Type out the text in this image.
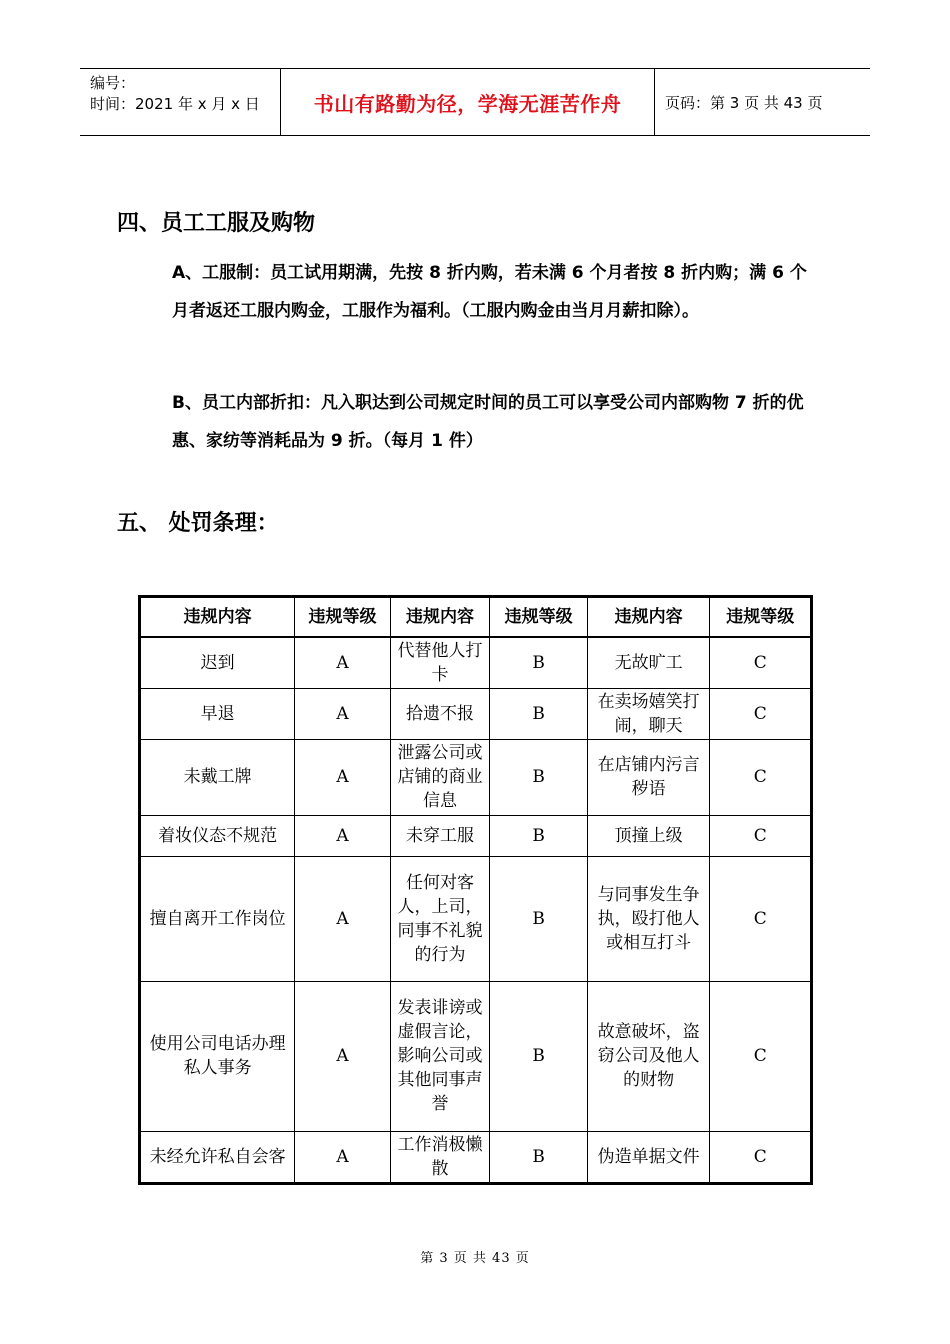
编号：
时间：2021 年 x 月 x 日	书山有路勤为径，学海无涯苦作舟	页码：第 3 页 共 43 页
四、员工工服及购物
A、工服制：员工试用期满，先按 8 折内购，若未满 6 个月者按 8 折内购；满 6 个月者返还工服内购金，工服作为福利。（工服内购金由当月月薪扣除）。
B、员工内部折扣：凡入职达到公司规定时间的员工可以享受公司内部购物 7 折的优惠、家纺等消耗品为 9 折。（每月 1 件）
五、 处罚条理：
违规内容	违规等级	违规内容	违规等级	违规内容	违规等级
迟到	A	代替他人打卡	B	无故旷工	C
早退	A	拾遗不报	B	在卖场嬉笑打闹，聊天	C
未戴工牌	A	泄露公司或店铺的商业信息	B	在店铺内污言秽语	C
着妆仪态不规范	A	未穿工服	B	顶撞上级	C
擅自离开工作岗位	A	任何对客人，上司，同事不礼貌的行为	B	与同事发生争执，殴打他人或相互打斗	C
使用公司电话办理私人事务	A	发表诽谤或虚假言论，影响公司或其他同事声誉	B	故意破坏，盗窃公司及他人的财物	C
未经允许私自会客	A	工作消极懒散	B	伪造单据文件	C
第 3 页 共 43 页
